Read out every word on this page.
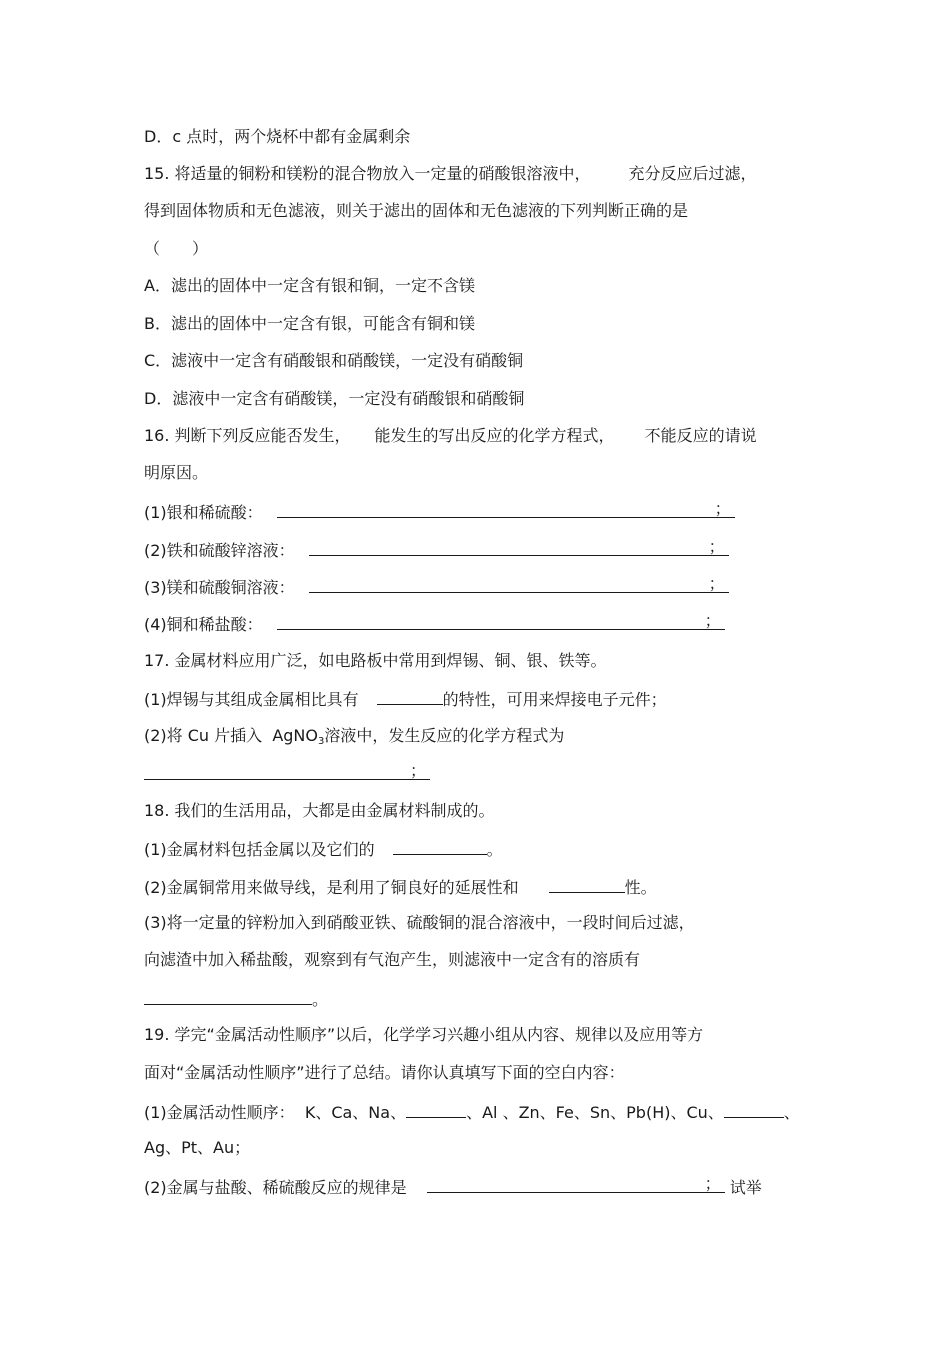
D．c 点时，两个烧杯中都有金属剩余
15. 将适量的铜粉和镁粉的混合物放入一定量的硝酸银溶液中， 充分反应后过滤，
得到固体物质和无色滤液，则关于滤出的固体和无色滤液的下列判断正确的是
（　　）
A．滤出的固体中一定含有银和铜，一定不含镁
B．滤出的固体中一定含有银，可能含有铜和镁
C．滤液中一定含有硝酸银和硝酸镁，一定没有硝酸铜
D．滤液中一定含有硝酸镁，一定没有硝酸银和硝酸铜
16. 判断下列反应能否发生， 能发生的写出反应的化学方程式， 不能反应的请说
明原因。
(1)银和稀硫酸：	；
(2)铁和硫酸锌溶液：	；
(3)镁和硫酸铜溶液：	；
(4)铜和稀盐酸：	；
17. 金属材料应用广泛，如电路板中常用到焊锡、铜、银、铁等。
(1)焊锡与其组成金属相比具有	的特性，可用来焊接电子元件；
(2)将 Cu 片插入  AgNO$_3$溶液中，发生反应的化学方程式为
；
18. 我们的生活用品，大都是由金属材料制成的。
(1)金属材料包括金属以及它们的	。
(2)金属铜常用来做导线，是利用了铜良好的延展性和	性。
(3)将一定量的锌粉加入到硝酸亚铁、硫酸铜的混合溶液中，一段时间后过滤，
向滤渣中加入稀盐酸，观察到有气泡产生，则滤液中一定含有的溶质有
。
19. 学完“金属活动性顺序”以后，化学学习兴趣小组从内容、规律以及应用等方
面对“金属活动性顺序”进行了总结。请你认真填写下面的空白内容：
(1)金属活动性顺序：  K、Ca、Na、	、Al 、Zn、Fe、Sn、Pb(H)、Cu、	、
Ag、Pt、Au；
(2)金属与盐酸、稀硫酸反应的规律是	； 试举
